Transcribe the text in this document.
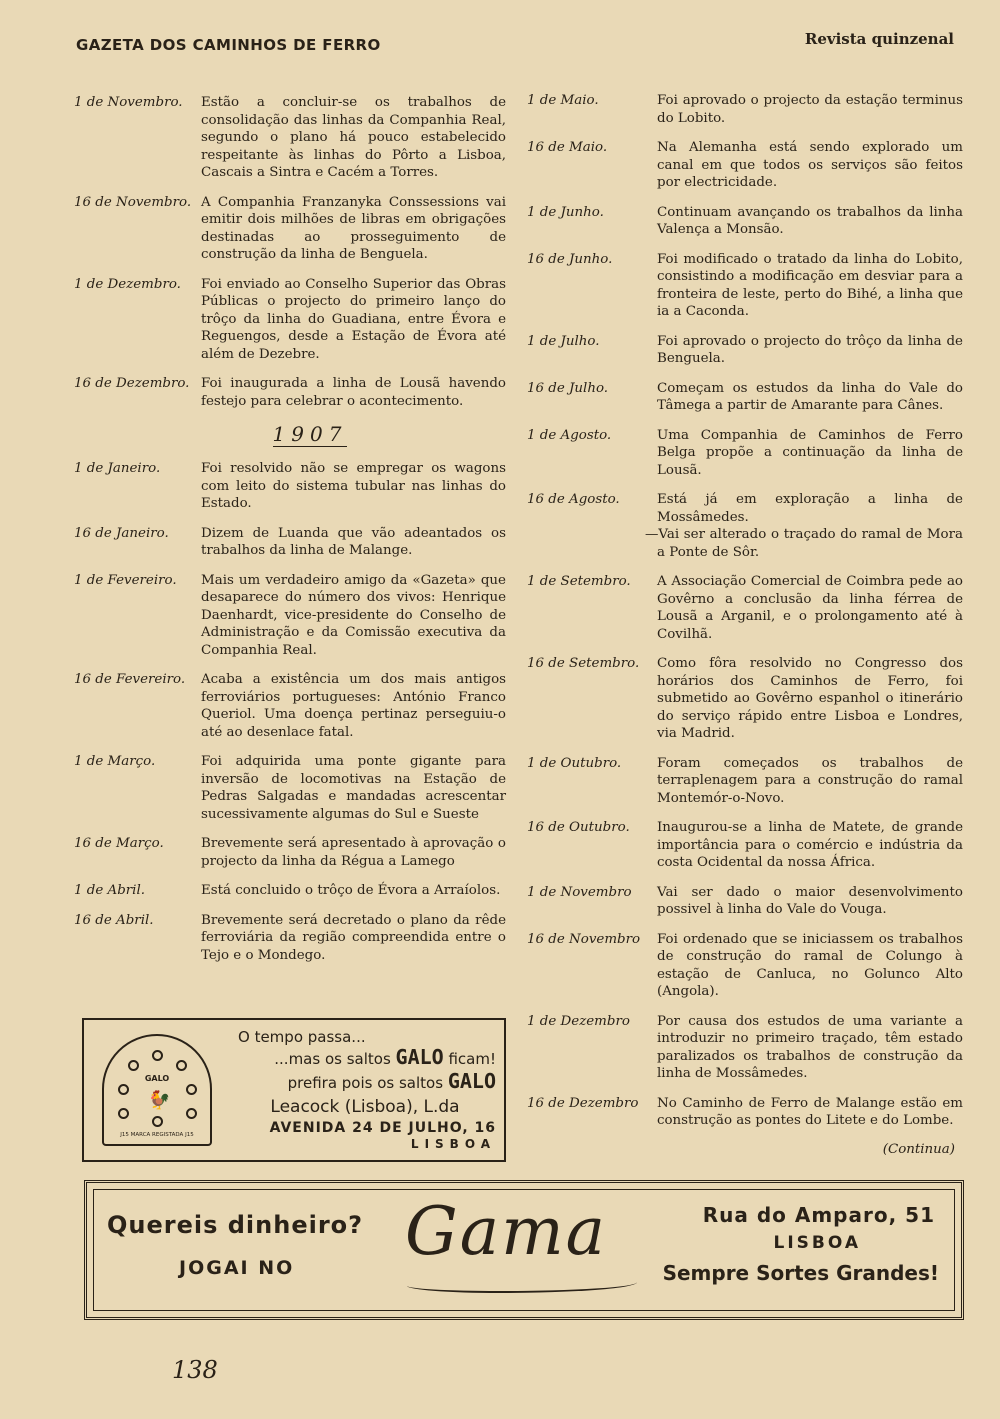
GAZETA DOS CAMINHOS DE FERRO	Revista quinzenal
1 de Novembro.	Estão a concluir-se os trabalhos de consolidação das linhas da Companhia Real, segundo o plano há pouco estabelecido respeitante às linhas do Pôrto a Lisboa, Cascais a Sintra e Cacém a Torres.
16 de Novembro. A Companhia Franzanyka Conssessions vai emitir dois milhões de libras em obrigações destinadas ao prosseguimento de construção da linha de Benguela.
1 de Dezembro.	Foi enviado ao Conselho Superior das Obras Públicas o projecto do primeiro lanço do trôço da linha do Guadiana, entre Évora e Reguengos, desde a Estação de Évora até além de Dezebre.
16 de Dezembro. Foi inaugurada a linha de Lousã havendo festejo para celebrar o acontecimento.
1907
1 de Janeiro.	Foi resolvido não se empregar os wagons com leito do sistema tubular nas linhas do Estado.
16 de Janeiro.	Dizem de Luanda que vão adeantados os trabalhos da linha de Malange.
1 de Fevereiro.	Mais um verdadeiro amigo da «Gazeta» que desaparece do número dos vivos: Henrique Daenhardt, vice-presidente do Conselho de Administração e da Comissão executiva da Companhia Real.
16 de Fevereiro.	Acaba a existência um dos mais antigos ferroviários portugueses: António Franco Queriol. Uma doença pertinaz perseguiu-o até ao desenlace fatal.
1 de Março.	Foi adquirida uma ponte gigante para inversão de locomotivas na Estação de Pedras Salgadas e mandadas acrescentar sucessivamente algumas do Sul e Sueste
16 de Março.	Brevemente será apresentado à aprovação o projecto da linha da Régua a Lamego
1 de Abril.	Está concluido o trôço de Évora a Arraíolos.
16 de Abril.	Brevemente será decretado o plano da rêde ferroviária da região compreendida entre o Tejo e o Mondego.
1 de Maio.	Foi aprovado o projecto da estação terminus do Lobito.

16 de Maio.	Na Alemanha está sendo explorado um canal em que todos os serviços são feitos por electricidade.

1 de Junho.	Continuam avançando os trabalhos da linha Valença a Monsão.

16 de Junho.	Foi modificado o tratado da linha do Lobito, consistindo a modificação em desviar para a fronteira de leste, perto do Bihé, a linha que ia a Caconda.

1 de Julho.	Foi aprovado o projecto do trôço da linha de Benguela.

16 de Julho.	Começam os estudos da linha do Vale do Tâmega a partir de Amarante para Cânes.

1 de Agosto.	Uma Companhia de Caminhos de Ferro Belga propõe a continuação da linha de Lousã.

16 de Agosto.	Está já em exploração a linha de Mossâmedes.

—Vai ser alterado o traçado do ramal de Mora a Ponte de Sôr.

1 de Setembro.	A Associação Comercial de Coimbra pede ao Govêrno a conclusão da linha férrea de Lousã a Arganil, e o prolongamento até à Covilhã.

16 de Setembro.	Como fôra resolvido no Congresso dos horários dos Caminhos de Ferro, foi submetido ao Govêrno espanhol o itinerário do serviço rápido entre Lisboa e Londres, via Madrid.

1 de Outubro.	Foram começados os trabalhos de terraplenagem para a construção do ramal Montemór-o-Novo.

16 de Outubro.	Inaugurou-se a linha de Matete, de grande importância para o comércio e indústria da costa Ocidental da nossa África.

1 de Novembro	Vai ser dado o maior desenvolvimento possivel à linha do Vale do Vouga.

16 de Novembro	Foi ordenado que se iniciassem os trabalhos de construção do ramal de Colungo à estação de Canluca, no Golunco Alto (Angola).

1 de Dezembro	Por causa dos estudos de uma variante a introduzir no primeiro traçado, têm estado paralizados os trabalhos de construção da linha de Mossâmedes.

16 de Dezembro	No Caminho de Ferro de Malange estão em construção as pontes do Litete e do Lombe.

(Continua)
GALO
🐓
J15 MARCA REGISTADA J15
O tempo passa...
...mas os saltos GALO ficam!
prefira pois os saltos GALO
Leacock (Lisboa), L.da
AVENIDA 24 DE JULHO, 16
LISBOA
Quereis dinheiro?
JOGAI NO Gama	Rua do Amparo, 51
LISBOA
Sempre Sortes Grandes!
138
